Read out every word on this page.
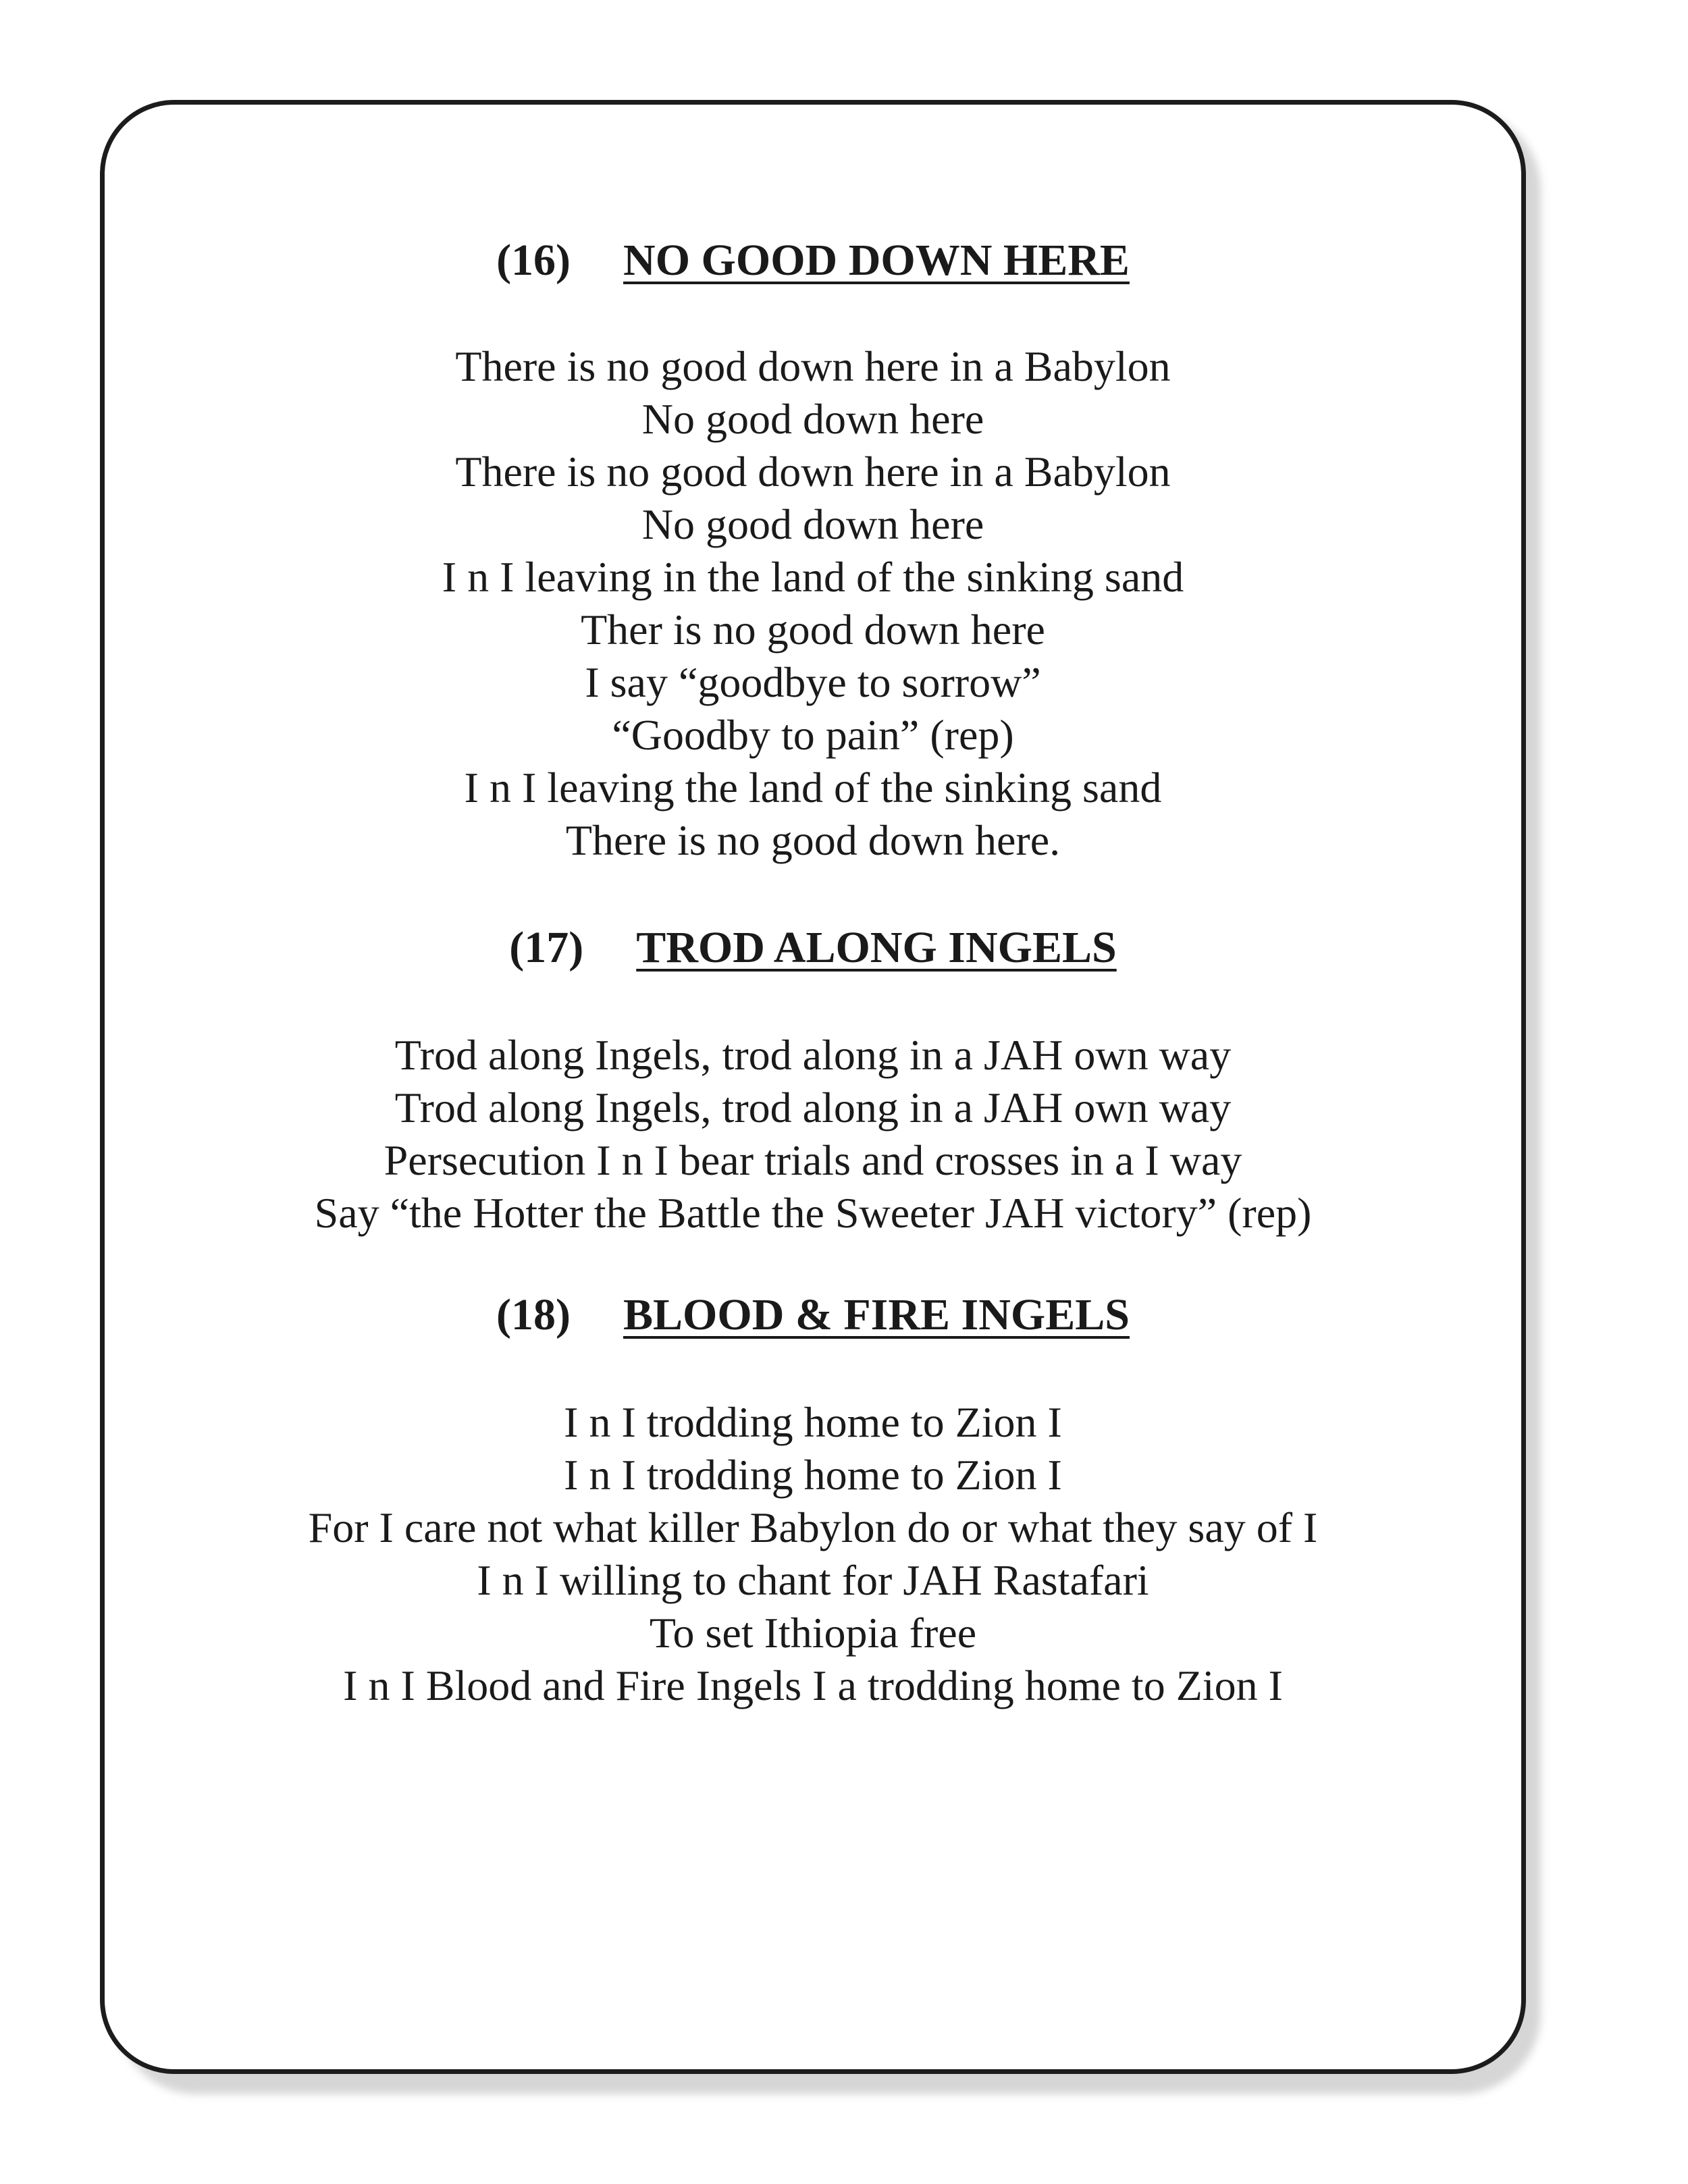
(16) NO GOOD DOWN HERE
There is no good down here in a Babylon
No good down here
There is no good down here in a Babylon
No good down here
I n I leaving in the land of the sinking sand
Ther is no good down here
I say “goodbye to sorrow”
“Goodby to pain” (rep)
I n I leaving the land of the sinking sand
There is no good down here.
(17) TROD ALONG INGELS
Trod along Ingels, trod along in a JAH own way
Trod along Ingels, trod along in a JAH own way
Persecution I n I bear trials and crosses in a I way
Say “the Hotter the Battle the Sweeter JAH victory” (rep)
(18) BLOOD & FIRE INGELS
I n I trodding home to Zion I
I n I trodding home to Zion I
For I care not what killer Babylon do or what they say of I
I n I willing to chant for JAH Rastafari
To set Ithiopia free
I n I Blood and Fire Ingels I a trodding home to Zion I
